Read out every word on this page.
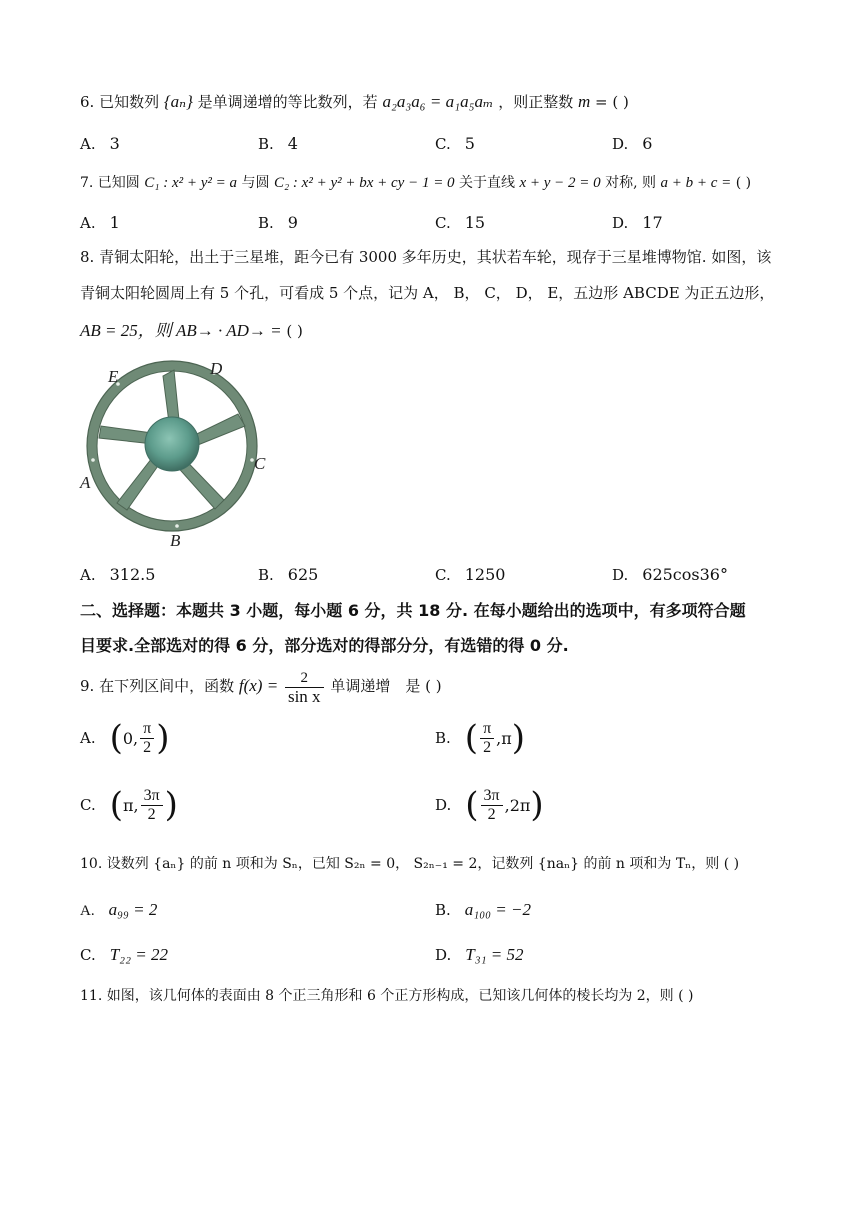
6. 已知数列 {aₙ} 是单调递增的等比数列，若 a₂a₃a₆ = a₁a₅aₘ ，则正整数 m = ( )
A. 3	B. 4	C. 5	D. 6
7. 已知圆 C₁ : x² + y² = a 与圆 C₂ : x² + y² + bx + cy − 1 = 0 关于直线 x + y − 2 = 0 对称, 则 a + b + c = ( )
A. 1	B. 9	C. 15	D. 17
8. 青铜太阳轮，出土于三星堆，距今已有 3000 多年历史，其状若车轮，现存于三星堆博物馆. 如图，该
青铜太阳轮圆周上有 5 个孔，可看成 5 个点，记为 A， B， C， D， E，五边形 ABCDE 为正五边形，
AB = 25，则 AB→ · AD→ = ( )
E	D
C
A
B
A. 312.5	B. 625	C. 1250	D. 625cos36°
二、选择题：本题共 3 小题，每小题 6 分，共 18 分. 在每小题给出的选项中，有多项符合题
目要求.全部选对的得 6 分，部分选对的得部分分，有选错的得 0 分.
9. 在下列区间中，函数 $f(x) = \frac{2}{\text{sin x}}$ 单调递增　是 ( )
A. (0, $\frac{\pi}{2}$ )	B. ( $\frac{\pi}{2} ,\pi$)
C. (π, $\frac{3\pi}{2}$ )	D. ( $\frac{3\pi}{2} ,2\pi$)
10. 设数列 {aₙ} 的前 n 项和为 Sₙ，已知 S₂ₙ = 0， S₂ₙ₋₁ = 2，记数列 {naₙ} 的前 n 项和为 Tₙ，则 ( )
A. a₉₉ = 2	B. a₁₀₀ = −2
C. T₂₂ = 22	D. T₃₁ = 52
11. 如图，该几何体的表面由 8 个正三角形和 6 个正方形构成，已知该几何体的棱长均为 2，则 ( )
